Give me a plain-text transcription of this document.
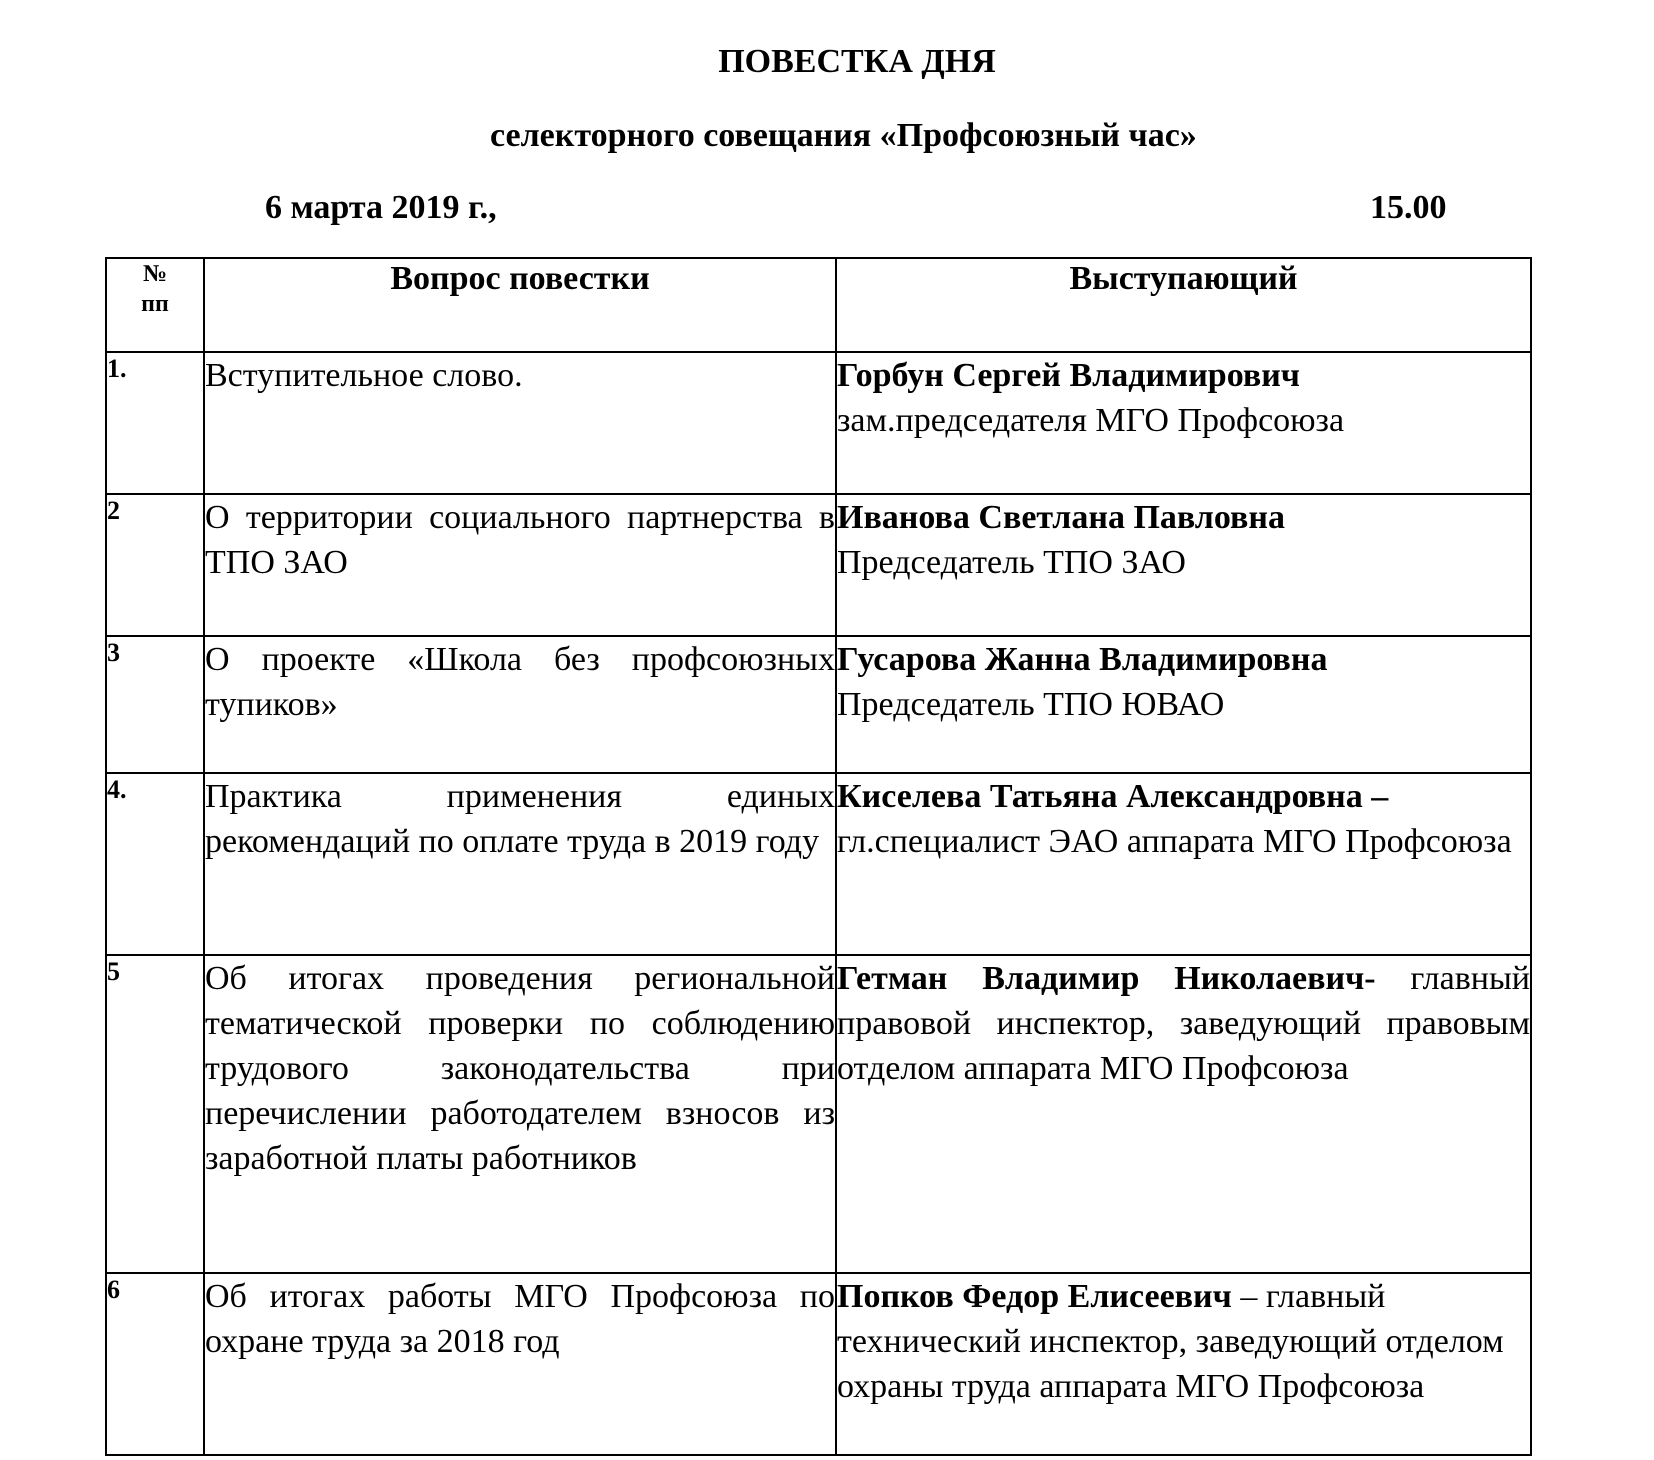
ПОВЕСТКА ДНЯ
селекторного совещания «Профсоюзный час»
6 марта 2019 г.,	15.00
№
пп	Вопрос повестки	Выступающий
1.	Вступительное слово.	Горбун Сергей Владимирович
зам.председателя МГО Профсоюза
2	О территории социального партнерства в ТПО ЗАО	Иванова Светлана Павловна
Председатель ТПО ЗАО
3	О проекте «Школа без профсоюзных тупиков»	Гусарова Жанна Владимировна
Председатель ТПО ЮВАО
4.	Практика применения единых рекомендаций по оплате труда в 2019 году	Киселева Татьяна Александровна –
гл.специалист ЭАО аппарата МГО Профсоюза
5	Об итогах проведения региональной тематической проверки по соблюдению трудового законодательства при перечислении работодателем взносов из заработной платы работников	Гетман Владимир Николаевич- главный правовой инспектор, заведующий правовым отделом аппарата МГО Профсоюза
6	Об итогах работы МГО Профсоюза по охране труда за 2018 год	Попков Федор Елисеевич – главный технический инспектор, заведующий отделом охраны труда аппарата МГО Профсоюза
